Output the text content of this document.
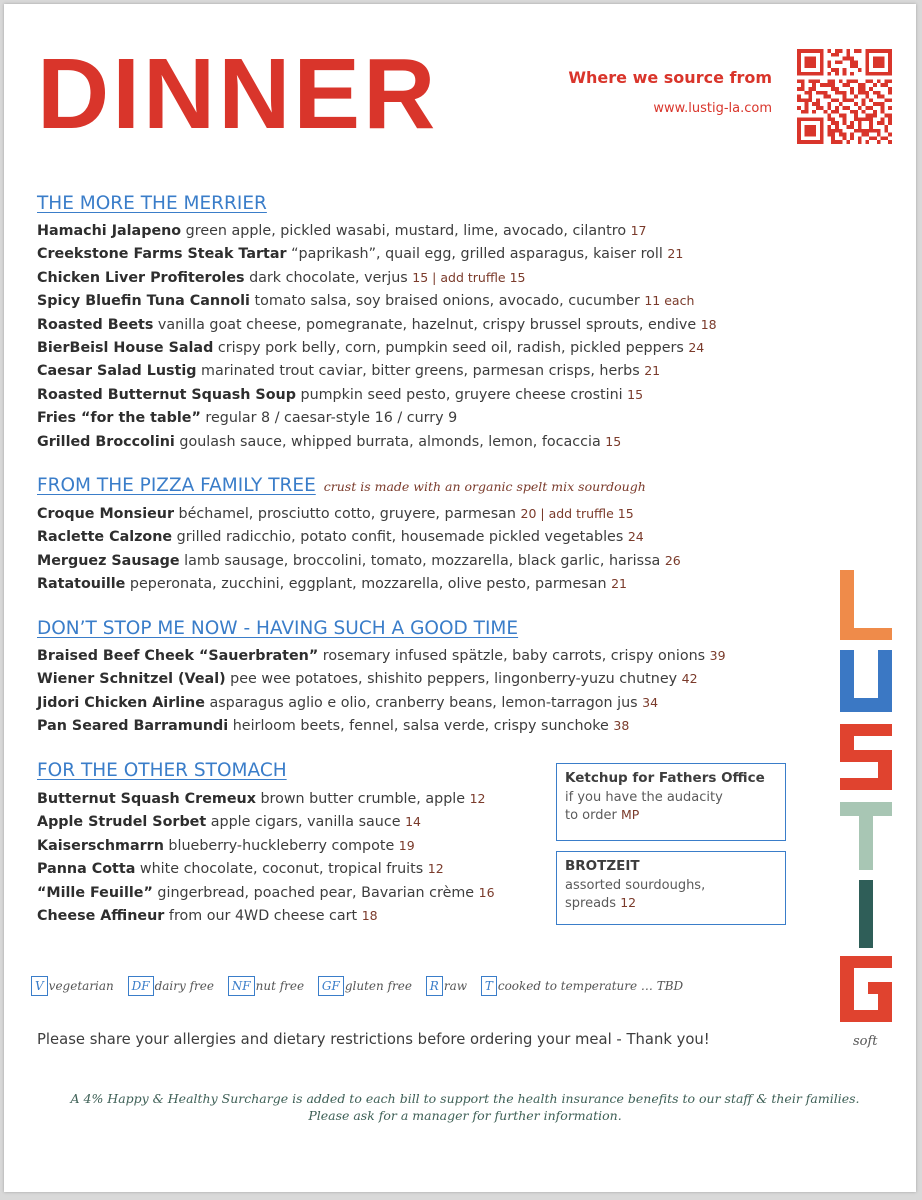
DINNER	Where we source from
www.lustig-la.com
THE MORE THE MERRIER
Hamachi Jalapeno green apple, pickled wasabi, mustard, lime, avocado, cilantro 17
Creekstone Farms Steak Tartar “paprikash”, quail egg, grilled asparagus, kaiser roll 21
Chicken Liver Profiteroles dark chocolate, verjus 15 | add truffle 15
Spicy Bluefin Tuna Cannoli tomato salsa, soy braised onions, avocado, cucumber 11 each
Roasted Beets vanilla goat cheese, pomegranate, hazelnut, crispy brussel sprouts, endive 18
BierBeisl House Salad crispy pork belly, corn, pumpkin seed oil, radish, pickled peppers 24
Caesar Salad Lustig marinated trout caviar, bitter greens, parmesan crisps, herbs 21
Roasted Butternut Squash Soup pumpkin seed pesto, gruyere cheese crostini 15
Fries “for the table” regular 8 / caesar-style 16 / curry 9
Grilled Broccolini goulash sauce, whipped burrata, almonds, lemon, focaccia 15
FROM THE PIZZA FAMILY TREE crust is made with an organic spelt mix sourdough
Croque Monsieur béchamel, prosciutto cotto, gruyere, parmesan 20 | add truffle 15
Raclette Calzone grilled radicchio, potato confit, housemade pickled vegetables 24
Merguez Sausage lamb sausage, broccolini, tomato, mozzarella, black garlic, harissa 26
Ratatouille peperonata, zucchini, eggplant, mozzarella, olive pesto, parmesan 21
DON’T STOP ME NOW - HAVING SUCH A GOOD TIME
Braised Beef Cheek “Sauerbraten” rosemary infused spätzle, baby carrots, crispy onions 39
Wiener Schnitzel (Veal) pee wee potatoes, shishito peppers, lingonberry-yuzu chutney 42
Jidori Chicken Airline asparagus aglio e olio, cranberry beans, lemon-tarragon jus 34
Pan Seared Barramundi heirloom beets, fennel, salsa verde, crispy sunchoke 38
FOR THE OTHER STOMACH
Butternut Squash Cremeux brown butter crumble, apple 12
Apple Strudel Sorbet apple cigars, vanilla sauce 14
Kaiserschmarrn blueberry-huckleberry compote 19
Panna Cotta white chocolate, coconut, tropical fruits 12
“Mille Feuille” gingerbread, poached pear, Bavarian crème 16
Cheese Affineur from our 4WD cheese cart 18
Ketchup for Fathers Office
if you have the audacity
to order MP
BROTZEIT
assorted sourdoughs,
spreads 12
V vegetarian DF dairy free NF nut free GF gluten free R raw T cooked to temperature … TBD
Please share your allergies and dietary restrictions before ordering your meal - Thank you!	soft
A 4% Happy & Healthy Surcharge is added to each bill to support the health insurance benefits to our staff & their families.
Please ask for a manager for further information.
